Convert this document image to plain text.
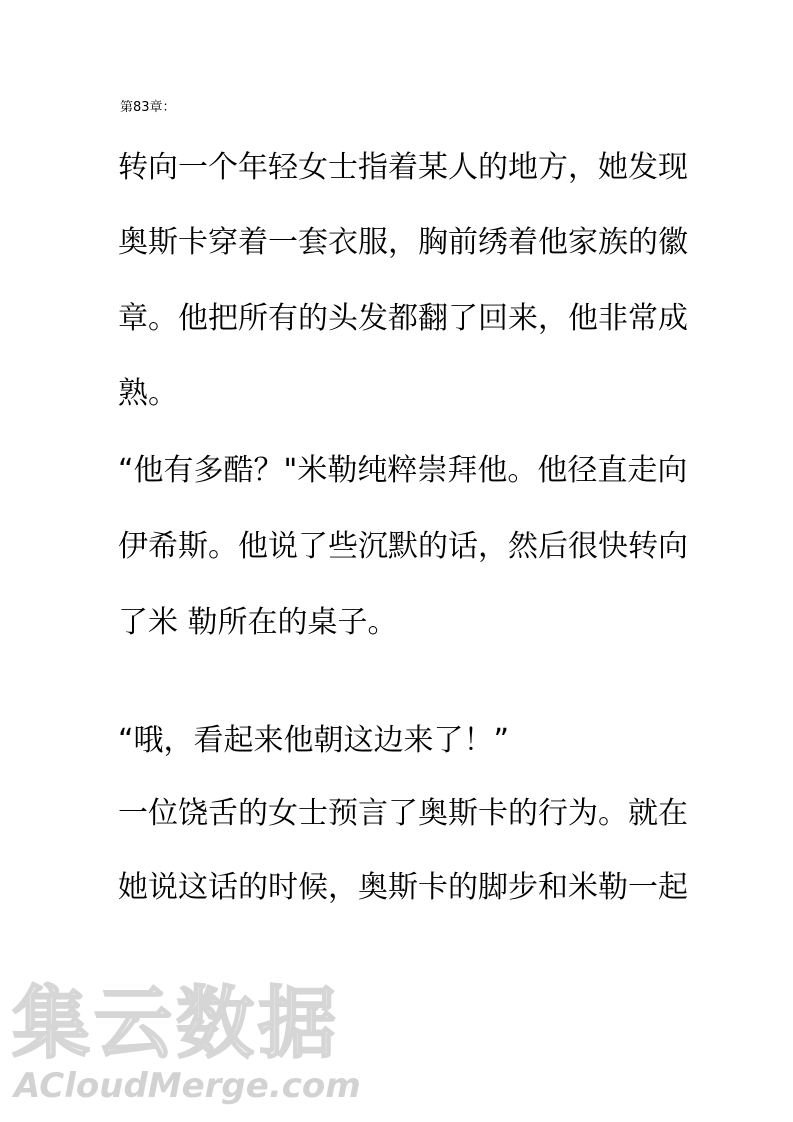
第83章：
转向一个年轻女士指着某人的地方，她发现
奥斯卡穿着一套衣服，胸前绣着他家族的徽
章。他把所有的头发都翻了回来，他非常成
熟。
“他有多酷？"米勒纯粹崇拜他。他径直走向
伊希斯。他说了些沉默的话，然后很快转向
了米 勒所在的桌子。
“哦，看起来他朝这边来了！”
一位饶舌的女士预言了奥斯卡的行为。就在
她说这话的时候，奥斯卡的脚步和米勒一起
集云数据
ACloudMerge.com
